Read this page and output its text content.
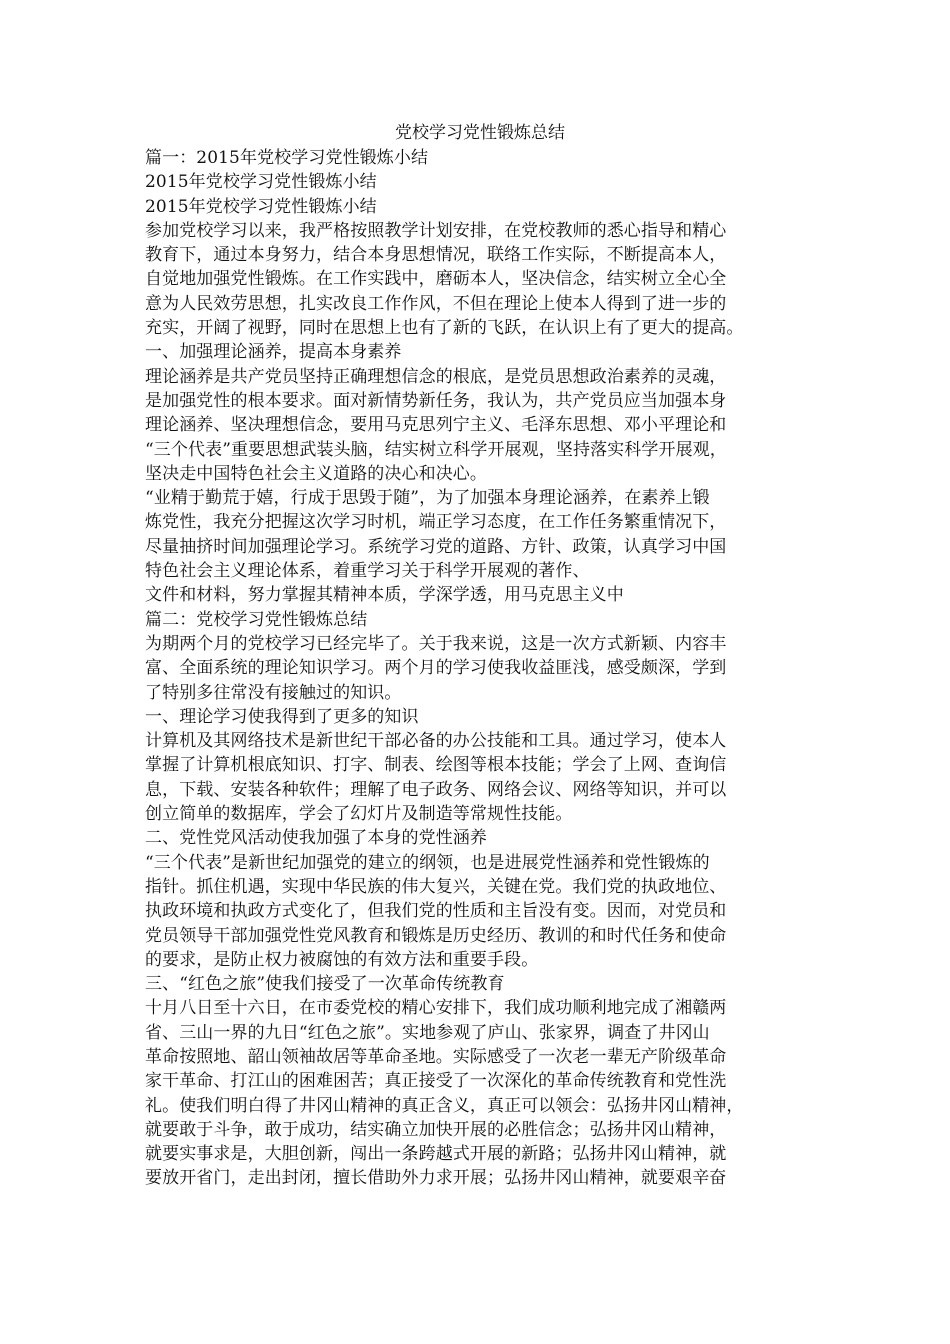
党校学习党性锻炼总结

篇一：2015年党校学习党性锻炼小结

2015年党校学习党性锻炼小结

2015年党校学习党性锻炼小结

参加党校学习以来，我严格按照教学计划安排，在党校教师的悉心指导和精心

教育下，通过本身努力，结合本身思想情况，联络工作实际，不断提高本人，

自觉地加强党性锻炼。在工作实践中，磨砺本人，坚决信念，结实树立全心全

意为人民效劳思想，扎实改良工作作风，不但在理论上使本人得到了进一步的

充实，开阔了视野，同时在思想上也有了新的飞跃，在认识上有了更大的提高。

一、加强理论涵养，提高本身素养

理论涵养是共产党员坚持正确理想信念的根底，是党员思想政治素养的灵魂，

是加强党性的根本要求。面对新情势新任务，我认为，共产党员应当加强本身

理论涵养、坚决理想信念，要用马克思列宁主义、毛泽东思想、邓小平理论和

“三个代表”重要思想武装头脑，结实树立科学开展观，坚持落实科学开展观，

坚决走中国特色社会主义道路的决心和决心。

“业精于勤荒于嬉，行成于思毁于随”，为了加强本身理论涵养，在素养上锻

炼党性，我充分把握这次学习时机，端正学习态度，在工作任务繁重情况下，

尽量抽挤时间加强理论学习。系统学习党的道路、方针、政策，认真学习中国

特色社会主义理论体系，着重学习关于科学开展观的著作、

文件和材料，努力掌握其精神本质，学深学透，用马克思主义中

篇二：党校学习党性锻炼总结

为期两个月的党校学习已经完毕了。关于我来说，这是一次方式新颖、内容丰

富、全面系统的理论知识学习。两个月的学习使我收益匪浅，感受颇深，学到

了特别多往常没有接触过的知识。

一、理论学习使我得到了更多的知识

计算机及其网络技术是新世纪干部必备的办公技能和工具。通过学习，使本人

掌握了计算机根底知识、打字、制表、绘图等根本技能；学会了上网、查询信

息，下载、安装各种软件；理解了电子政务、网络会议、网络等知识，并可以

创立简单的数据库，学会了幻灯片及制造等常规性技能。

二、党性党风活动使我加强了本身的党性涵养

“三个代表”是新世纪加强党的建立的纲领，也是进展党性涵养和党性锻炼的

指针。抓住机遇，实现中华民族的伟大复兴，关键在党。我们党的执政地位、

执政环境和执政方式变化了，但我们党的性质和主旨没有变。因而，对党员和

党员领导干部加强党性党风教育和锻炼是历史经历、教训的和时代任务和使命

的要求，是防止权力被腐蚀的有效方法和重要手段。

三、“红色之旅”使我们接受了一次革命传统教育

十月八日至十六日，在市委党校的精心安排下，我们成功顺利地完成了湘赣两

省、三山一界的九日“红色之旅”。实地参观了庐山、张家界，调查了井冈山

革命按照地、韶山领袖故居等革命圣地。实际感受了一次老一辈无产阶级革命

家干革命、打江山的困难困苦；真正接受了一次深化的革命传统教育和党性洗

礼。使我们明白得了井冈山精神的真正含义，真正可以领会：弘扬井冈山精神，

就要敢于斗争，敢于成功，结实确立加快开展的必胜信念；弘扬井冈山精神，

就要实事求是，大胆创新，闯出一条跨越式开展的新路；弘扬井冈山精神，就

要放开省门，走出封闭，擅长借助外力求开展；弘扬井冈山精神，就要艰辛奋
